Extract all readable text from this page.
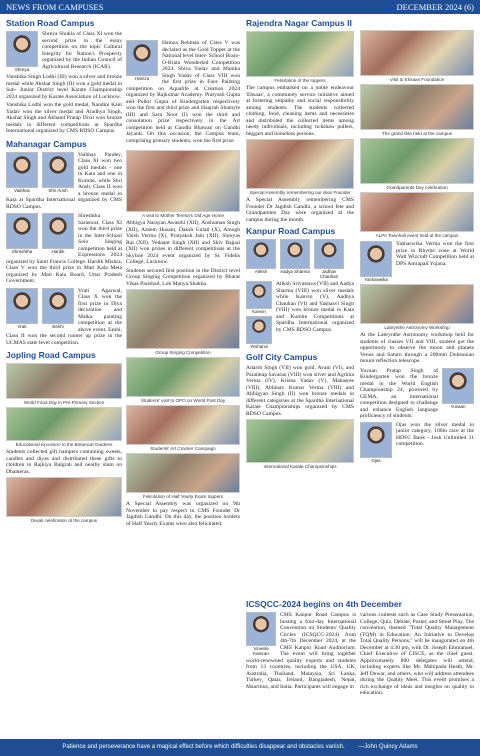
NEWS FROM CAMPUSES	DECEMBER 2024 (6)
Station Road Campus
Shreya

Shreya Shukla of Class XI won the second prize in the essay competition on the topic Cultural Integrity for Nation's Prosperity organized by the Indian Council of Agricultural Research (ICAR).

Vanshika Singh Lodhi (III) won a silver and bronze medal while Akshat Singh (II) won a gold medal in Sub- Junior District level Karate Championship 2024 organized by Karate Association of Lucknow.

Vanshika Lodhi won the gold medal, Nandini Kant Yadav won the silver medal and Aradhya Singh, Akshat Singh and Akhand Pratap Dixit won bronze medals in different competitions at Spardha International organized by CMS RDSO Campus.

Mahanagar Campus
Vaibhav	Shri Ansh

Vaibhav Pandey, Class XI won two gold medals - one in Kata and one in Kumite, while Shri Ansh, Class II won a bronze medal in Kata at Spardha International organized by CMS RDSO Campus.

Shreshtha	Hardik

Shreshtha Saraswat, Class XI won the third prize in the Inter-School Solo Singing competition held at Expressions 2024 organized by Saint Francis College. Hardik Mishra, Class V won the third prize in Mati Kala Mela organized by Mati Kala Board, Uttar Pradesh Government.

Vrati	Eeshi

Vrati Agarwal, Class X won the first prize in Diya decoration and Matka painting competition at the above event. Eeshi, Class II won the second runner up prize in the UCMAS state level competition.

Jopling Road Campus
World Food Day in Pre-Primary Section
Educational excursion to the Botanical Gardens

Students collected gift hampers containing sweets, candles and diyas and distributed these gifts to children in Rajkiya Balgrah and nearby slum on Dhanteras.

Diwali celebration at the campus
Hamza

Hamza Rehman of Class V was declared as the Gold Topper at the National level Inter- School Brain-O-Brain Wonderkid Competition 2024. Shiva Yadav and Manika Singh Yadav of Class VIII won the first prize in Face Painting competition on Aqualife at Creation 2024 organized by Rajkumar Academy. Pratyush Gupta and Pulkit Gupta of Kindergarten respectively won the first and third prize and Haajrah Shamyle (III) and Sara Noor (I) won the third and consolation prize respectively in the Art competition held at Gandhi Bhawan on Gandhi Jayanti. On this occasion, the Campus team, comprising primary students, won the first prize.

A visit to Mother Teresa's Old Age Home

Abhigya Narayan Awasthi (XII), Anshuman Singh (XII), Azeem Husain, Daksh Gulati (X), Amogh Varsh Verma (X), Pratyaksh Jain (XII), Shreyas Rai (XII), Vedaant Singh (XII) and Shiv Bajpai (XII) won prizes in different competitions at the Skyline 2024 event organized by St. Fidelis College, Lucknow.

Students secured first position in the District level Group Singing Competition organized by Bharat Vikas Parishad, Lok Manya Shakha.

Group Singing Competition
Students' visit to GPO on World Post Day
Students' Art Cracker Campaign
Felicitation of Half Yearly Exam toppers

A Special Assembly was organized on 9th November to pay respect to CMS Founder Dr Jagdish Gandhi. On this day, the position holders of Half Yearly Exams were also felicitated.

Rajendra Nagar Campus II
Felicitation of the toppers

The campus embarked on a noble endeavour 'Ehsaas', a community service initiative aimed at fostering empathy and social responsibility among students. The students collected clothing, food, cleaning items and necessities and distributed the collected items among needy individuals, including rickshaw pullers, beggars and homeless persons.

Special Assembly remembering our dear Founder

A Special Assembly remembering CMS Founder Dr Jagdish Gandhi, a school fete and Grandparents Day were organized at the campus during the month.

Kanpur Road Campus
Atiksh	Aadya Sharma	Jadhav Chauhan
Kanvin
Yeshanvi

Atiksh Srivastava (VII) and Aadya Sharma (VIII) won silver medals while Kanvin (V), Aadhya Chauhan (VI) and Yashasvi Singh (VIII) won bronze medal in Kata and Kumite Competitions at Spardha International organized by CMS RDSO Campus.

Golf City Campus

Adarsh Singh (VII) won gold, Avani (VI), and Paramtap Savaran (VIII) won silver and Agrima Verma (IV), Krisha Yadav (V), Mahasree (VIII), Abhinav Kumar Verma (VIII) and Abhigyan Singh (II) won bronze medals in different categories at the Spardha International Karate Championships organized by CMS RDSO Campus.

International Karate Championships
Visit to Ehsaas Foundation
The grand fete held at the campus
Grandparents Day celebration
ALPA Townhall event held at the campus
Yashaswika

Yashaswika Verma won the first prize in Rhyme zone at World Wall Wizcraft Competition held at DPS Amrapali Yojana.

Labrynthe Astronomy Workshop

At the Labrynthe Astronomy workshop held for students of classes VII and VIII, student got the opportunity to observe the moon and planets Venus and Saturn through a 200mm Dobsonian mount reflection telescope.

Yuvaan

Yuvaan Pratap Singh of Kindergarten won the bronze medal in the World English Championship 24, powered by GEMA, an international competition designed to challenge and enhance English language proficiency of students.

Ojas

Ojas won the silver medal in junior category, 100m race at the HDFC Bank - Josh Unlimited 11 competition.

ICSQCC-2024 begins on 4th December
Vineeta Kamran

CMS Kanpur Road Campus is hosting a four-day International Convention on Students' Quality Circles (ICSQCC-2024) from 4th-7th December 2024, at the CMS Kanpur Road Auditorium. The event will bring together world-renowned quality experts and students from 13 countries, including the USA, UK, Australia, Thailand, Malaysia, Sri Lanka, Turkey, Qatar, Ireland, Bangladesh, Nepal, Mauritius, and India. Participants will engage in

various contests such as Case Study Presentation, College, Quiz, Debate, Poster, and Street Play. The convention, themed "Total Quality Management (TQM) in Education: An Initiative to Develop Total Quality Persons," will be inaugurated on 4th December at 4:30 pm, with Dr. Joseph Emmanuel, Chief Executive of CISCE, as the chief guest. Approximately 800 delegates will attend, including experts like Mr. Mahipada Heath, Mr. Jeff Dewar, and others, who will address attendees during the Quality Meet. This event promises a rich exchange of ideas and insights on quality in education.

Patience and perseverance have a magical effect before which difficulties disappear and obstacles vanish. —John Quincy Adams
